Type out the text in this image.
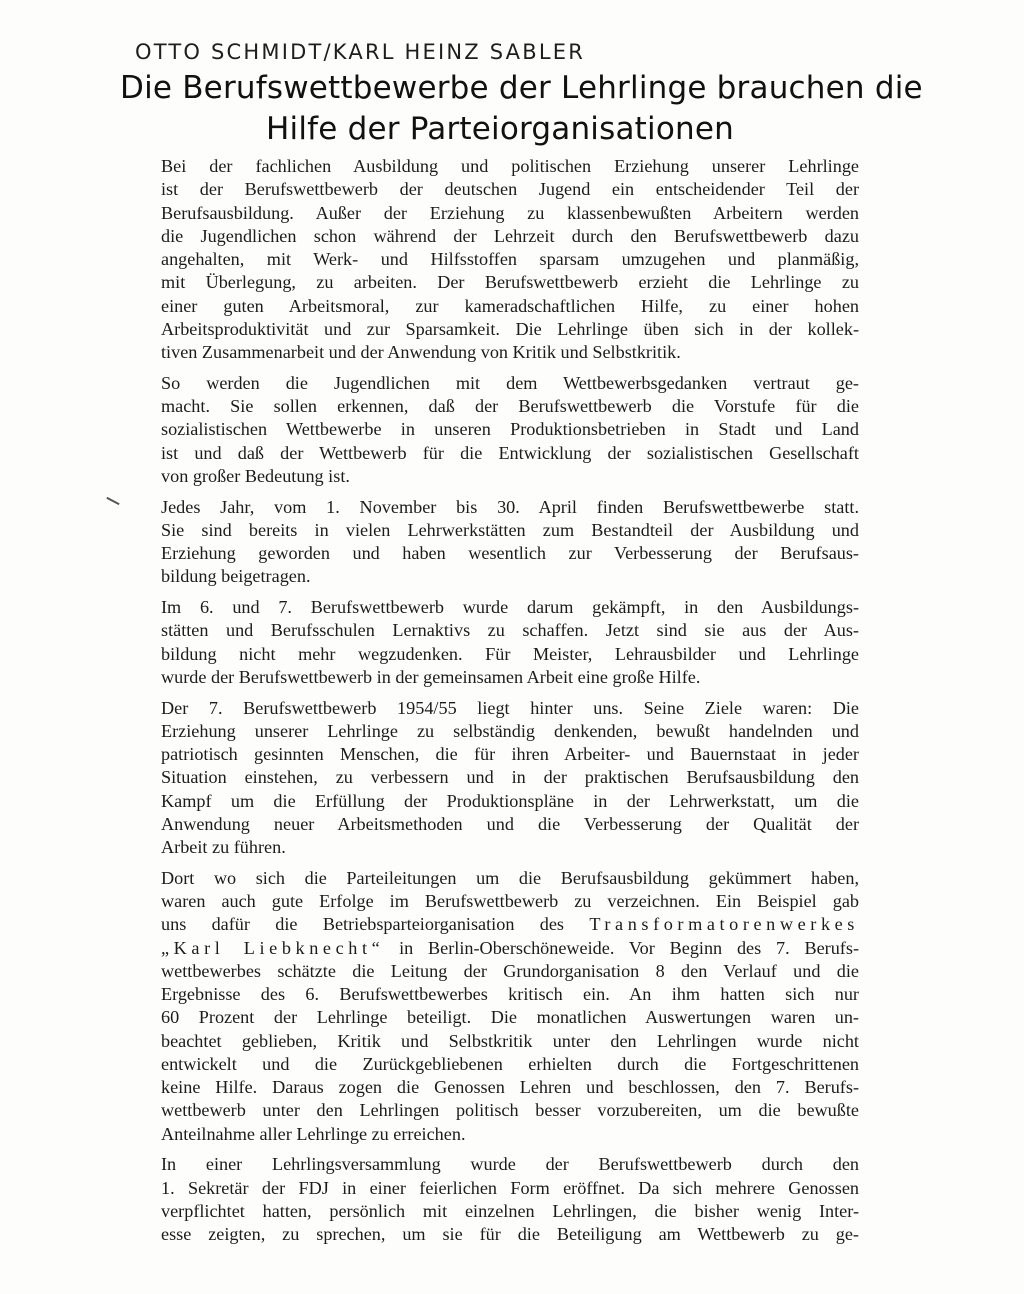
OTTO SCHMIDT/KARL HEINZ SABLER
Die Berufswettbewerbe der Lehrlinge brauchen die
Hilfe der Parteiorganisationen

Bei der fachlichen Ausbildung und politischen Erziehung unserer Lehrlinge
ist der Berufswettbewerb der deutschen Jugend ein entscheidender Teil der
Berufsausbildung. Außer der Erziehung zu klassenbewußten Arbeitern werden
die Jugendlichen schon während der Lehrzeit durch den Berufswettbewerb dazu
angehalten, mit Werk- und Hilfsstoffen sparsam umzugehen und planmäßig,
mit Überlegung, zu arbeiten. Der Berufswettbewerb erzieht die Lehrlinge zu
einer guten Arbeitsmoral, zur kameradschaftlichen Hilfe, zu einer hohen
Arbeitsproduktivität und zur Sparsamkeit. Die Lehrlinge üben sich in der kollek-
tiven Zusammenarbeit und der Anwendung von Kritik und Selbstkritik.

So werden die Jugendlichen mit dem Wettbewerbsgedanken vertraut ge-
macht. Sie sollen erkennen, daß der Berufswettbewerb die Vorstufe für die
sozialistischen Wettbewerbe in unseren Produktionsbetrieben in Stadt und Land
ist und daß der Wettbewerb für die Entwicklung der sozialistischen Gesellschaft
von großer Bedeutung ist.

Jedes Jahr, vom 1. November bis 30. April finden Berufswettbewerbe statt.
Sie sind bereits in vielen Lehrwerkstätten zum Bestandteil der Ausbildung und
Erziehung geworden und haben wesentlich zur Verbesserung der Berufsaus-
bildung beigetragen.

Im 6. und 7. Berufswettbewerb wurde darum gekämpft, in den Ausbildungs-
stätten und Berufsschulen Lernaktivs zu schaffen. Jetzt sind sie aus der Aus-
bildung nicht mehr wegzudenken. Für Meister, Lehrausbilder und Lehrlinge
wurde der Berufswettbewerb in der gemeinsamen Arbeit eine große Hilfe.

Der 7. Berufswettbewerb 1954/55 liegt hinter uns. Seine Ziele waren: Die
Erziehung unserer Lehrlinge zu selbständig denkenden, bewußt handelnden und
patriotisch gesinnten Menschen, die für ihren Arbeiter- und Bauernstaat in jeder
Situation einstehen, zu verbessern und in der praktischen Berufsausbildung den
Kampf um die Erfüllung der Produktionspläne in der Lehrwerkstatt, um die
Anwendung neuer Arbeitsmethoden und die Verbesserung der Qualität der
Arbeit zu führen.

Dort wo sich die Parteileitungen um die Berufsausbildung gekümmert haben,
waren auch gute Erfolge im Berufswettbewerb zu verzeichnen. Ein Beispiel gab
uns dafür die Betriebsparteiorganisation des Transformatorenwerkes
„Karl Liebknecht“ in Berlin-Oberschöneweide. Vor Beginn des 7. Berufs-
wettbewerbes schätzte die Leitung der Grundorganisation 8 den Verlauf und die
Ergebnisse des 6. Berufswettbewerbes kritisch ein. An ihm hatten sich nur
60 Prozent der Lehrlinge beteiligt. Die monatlichen Auswertungen waren un-
beachtet geblieben, Kritik und Selbstkritik unter den Lehrlingen wurde nicht
entwickelt und die Zurückgebliebenen erhielten durch die Fortgeschrittenen
keine Hilfe. Daraus zogen die Genossen Lehren und beschlossen, den 7. Berufs-
wettbewerb unter den Lehrlingen politisch besser vorzubereiten, um die bewußte
Anteilnahme aller Lehrlinge zu erreichen.

In einer Lehrlingsversammlung wurde der Berufswettbewerb durch den
1. Sekretär der FDJ in einer feierlichen Form eröffnet. Da sich mehrere Genossen
verpflichtet hatten, persönlich mit einzelnen Lehrlingen, die bisher wenig Inter-
esse zeigten, zu sprechen, um sie für die Beteiligung am Wettbewerb zu ge-
